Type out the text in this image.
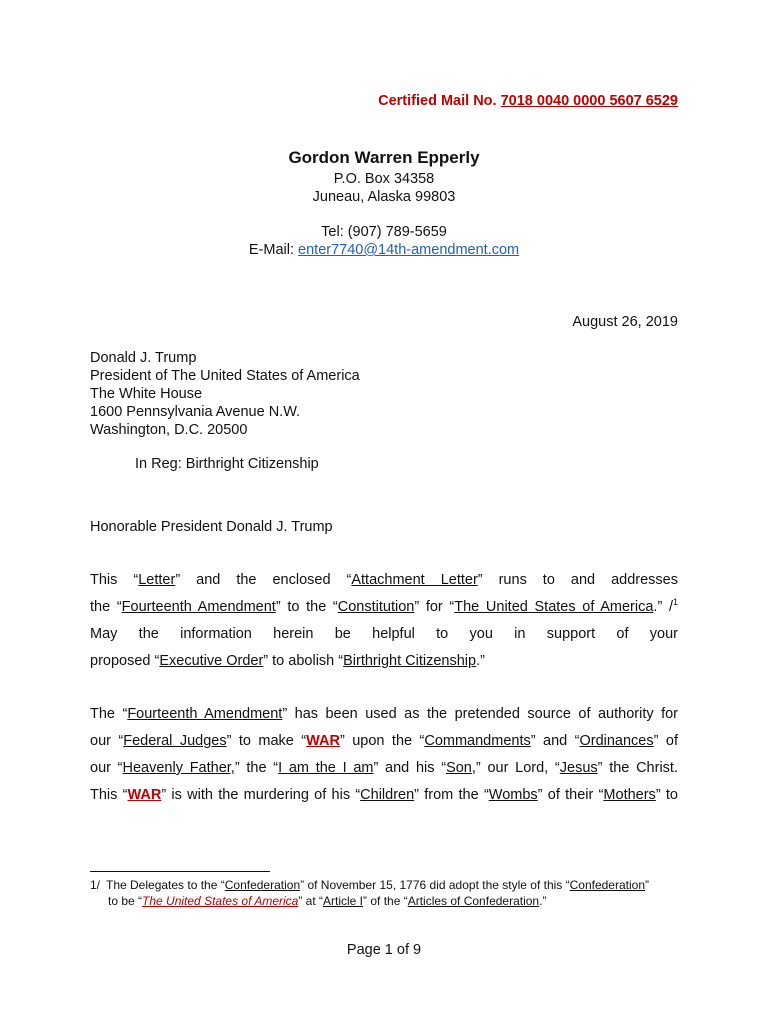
Certified Mail No. 7018 0040 0000 5607 6529
Gordon Warren Epperly
P.O. Box 34358
Juneau, Alaska 99803
Tel: (907) 789-5659
E-Mail: enter7740@14th-amendment.com
August 26, 2019
Donald J. Trump
President of The United States of America
The White House
1600 Pennsylvania Avenue N.W.
Washington, D.C. 20500
In Reg: Birthright Citizenship
Honorable President Donald J. Trump
This “Letter” and the enclosed “Attachment Letter” runs to and addresses
the “Fourteenth Amendment” to the “Constitution” for “The United States of America.” /$^1$
May the information herein be helpful to you in support of your
proposed “Executive Order” to abolish “Birthright Citizenship.”
The “Fourteenth Amendment” has been used as the pretended source of authority for
our “Federal Judges” to make “WAR” upon the “Commandments” and “Ordinances” of
our “Heavenly Father,” the “I am the I am” and his “Son,” our Lord, “Jesus” the Christ.
This “WAR” is with the murdering of his “Children” from the “Wombs” of their “Mothers” to
1/ The Delegates to the “Confederation” of November 15, 1776 did adopt the style of this “Confederation”
to be “The United States of America” at “Article I” of the “Articles of Confederation.”
Page 1 of 9
